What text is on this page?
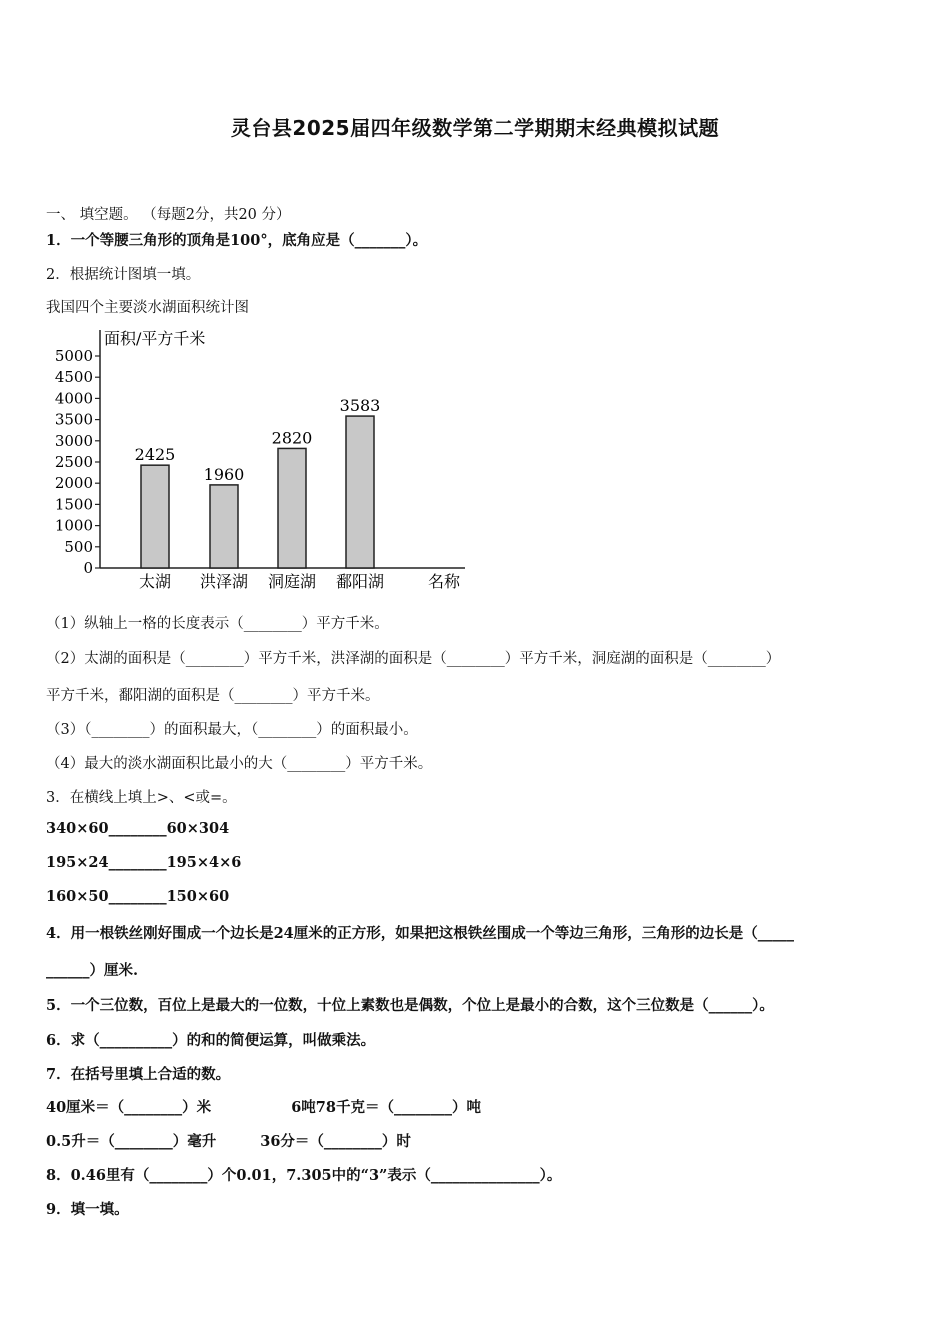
灵台县2025届四年级数学第二学期期末经典模拟试题
一、 填空题。 （每题2分，共20 分）
1．一个等腰三角形的顶角是100°，底角应是（_______）。
2．根据统计图填一填。
我国四个主要淡水湖面积统计图
面积/平方千米
名称
0
500
1000
1500
2000
2500
3000
3500
4000
4500
5000
2425
太湖
1960
洪泽湖
2820
洞庭湖
3583
鄱阳湖
（1）纵轴上一格的长度表示（________）平方千米。
（2）太湖的面积是（________）平方千米，洪泽湖的面积是（________）平方千米，洞庭湖的面积是（________）
平方千米，鄱阳湖的面积是（________）平方千米。
（3）（________）的面积最大，（________）的面积最小。
（4）最大的淡水湖面积比最小的大（________）平方千米。
3．在横线上填上>、<或=。
340×60________60×304
195×24________195×4×6
160×50________150×60
4．用一根铁丝刚好围成一个边长是24厘米的正方形，如果把这根铁丝围成一个等边三角形，三角形的边长是（_____
______）厘米.
5．一个三位数，百位上是最大的一位数，十位上素数也是偶数，个位上是最小的合数，这个三位数是（______）。
6．求（__________）的和的简便运算，叫做乘法。
7．在括号里填上合适的数。
40厘米＝（________）米	6吨78千克＝（________）吨
0.5升＝（________）毫升	36分＝（________）时
8．0.46里有（________）个0.01，7.305中的“3”表示（_______________）。
9．填一填。
